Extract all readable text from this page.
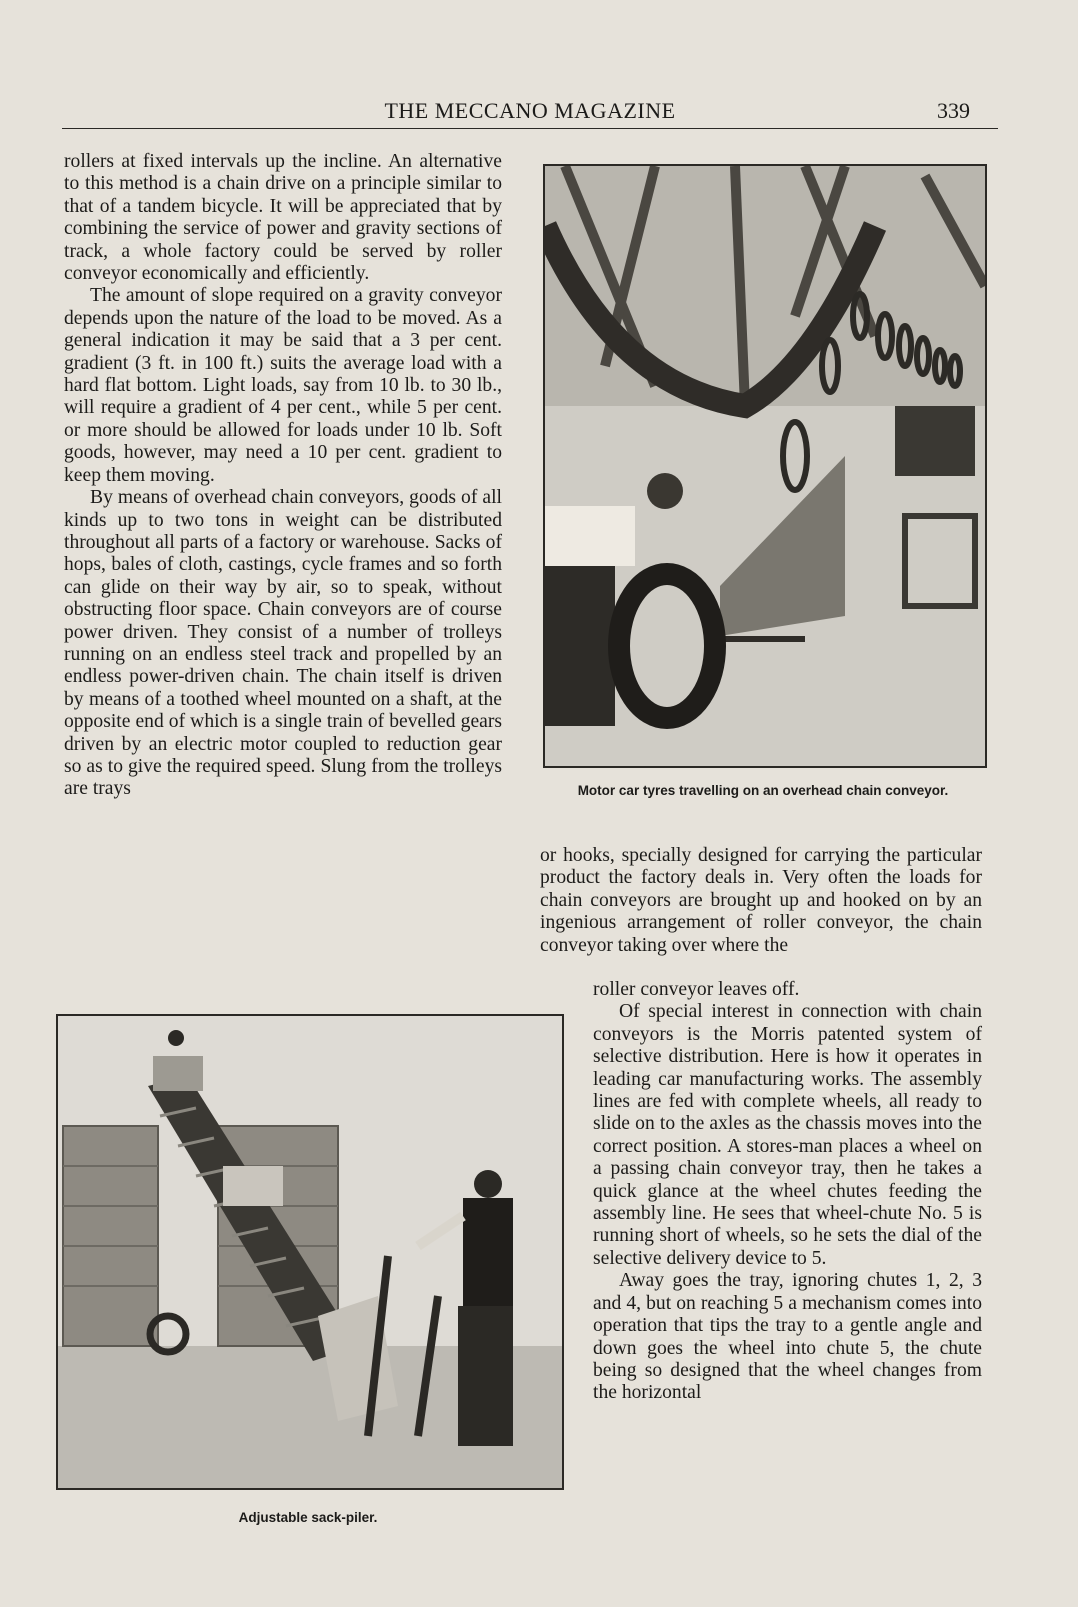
THE MECCANO MAGAZINE	339

rollers at fixed intervals up the incline. An alternative to this method is a chain drive on a principle similar to that of a tandem bicycle. It will be appreciated that by combining the service of power and gravity sections of track, a whole factory could be served by roller conveyor economically and efficiently.

The amount of slope required on a gravity conveyor depends upon the nature of the load to be moved. As a general indication it may be said that a 3 per cent. gradient (3 ft. in 100 ft.) suits the average load with a hard flat bottom. Light loads, say from 10 lb. to 30 lb., will require a gradient of 4 per cent., while 5 per cent. or more should be allowed for loads under 10 lb. Soft goods, however, may need a 10 per cent. gradient to keep them moving.

By means of overhead chain conveyors, goods of all kinds up to two tons in weight can be distributed throughout all parts of a factory or warehouse. Sacks of hops, bales of cloth, castings, cycle frames and so forth can glide on their way by air, so to speak, without obstructing floor space. Chain conveyors are of course power driven. They consist of a number of trolleys running on an endless steel track and propelled by an endless power-driven chain. The chain itself is driven by means of a toothed wheel mounted on a shaft, at the opposite end of which is a single train of bevelled gears driven by an electric motor coupled to reduction gear so as to give the required speed. Slung from the trolleys are trays	Motor car tyres travelling on an overhead chain conveyor.

or hooks, specially designed for carrying the particular product the factory deals in. Very often the loads for chain conveyors are brought up and hooked on by an ingenious arrangement of roller conveyor, the chain conveyor taking over where the

roller conveyor leaves off.

Of special interest in connection with chain conveyors is the Morris patented system of selective distribution. Here is how it operates in leading car manufacturing works. The assembly lines are fed with complete wheels, all ready to slide on to the axles as the chassis moves into the correct position. A stores-man places a wheel on a passing chain conveyor tray, then he takes a quick glance at the wheel chutes feeding the assembly line. He sees that wheel-chute No. 5 is running short of wheels, so he sets the dial of the selective delivery device to 5.

Away goes the tray, ignoring chutes 1, 2, 3 and 4, but on reaching 5 a mechanism comes into operation that tips the tray to a gentle angle and down goes the wheel into chute 5, the chute being so designed that the wheel changes from the horizontal

Adjustable sack-piler.
